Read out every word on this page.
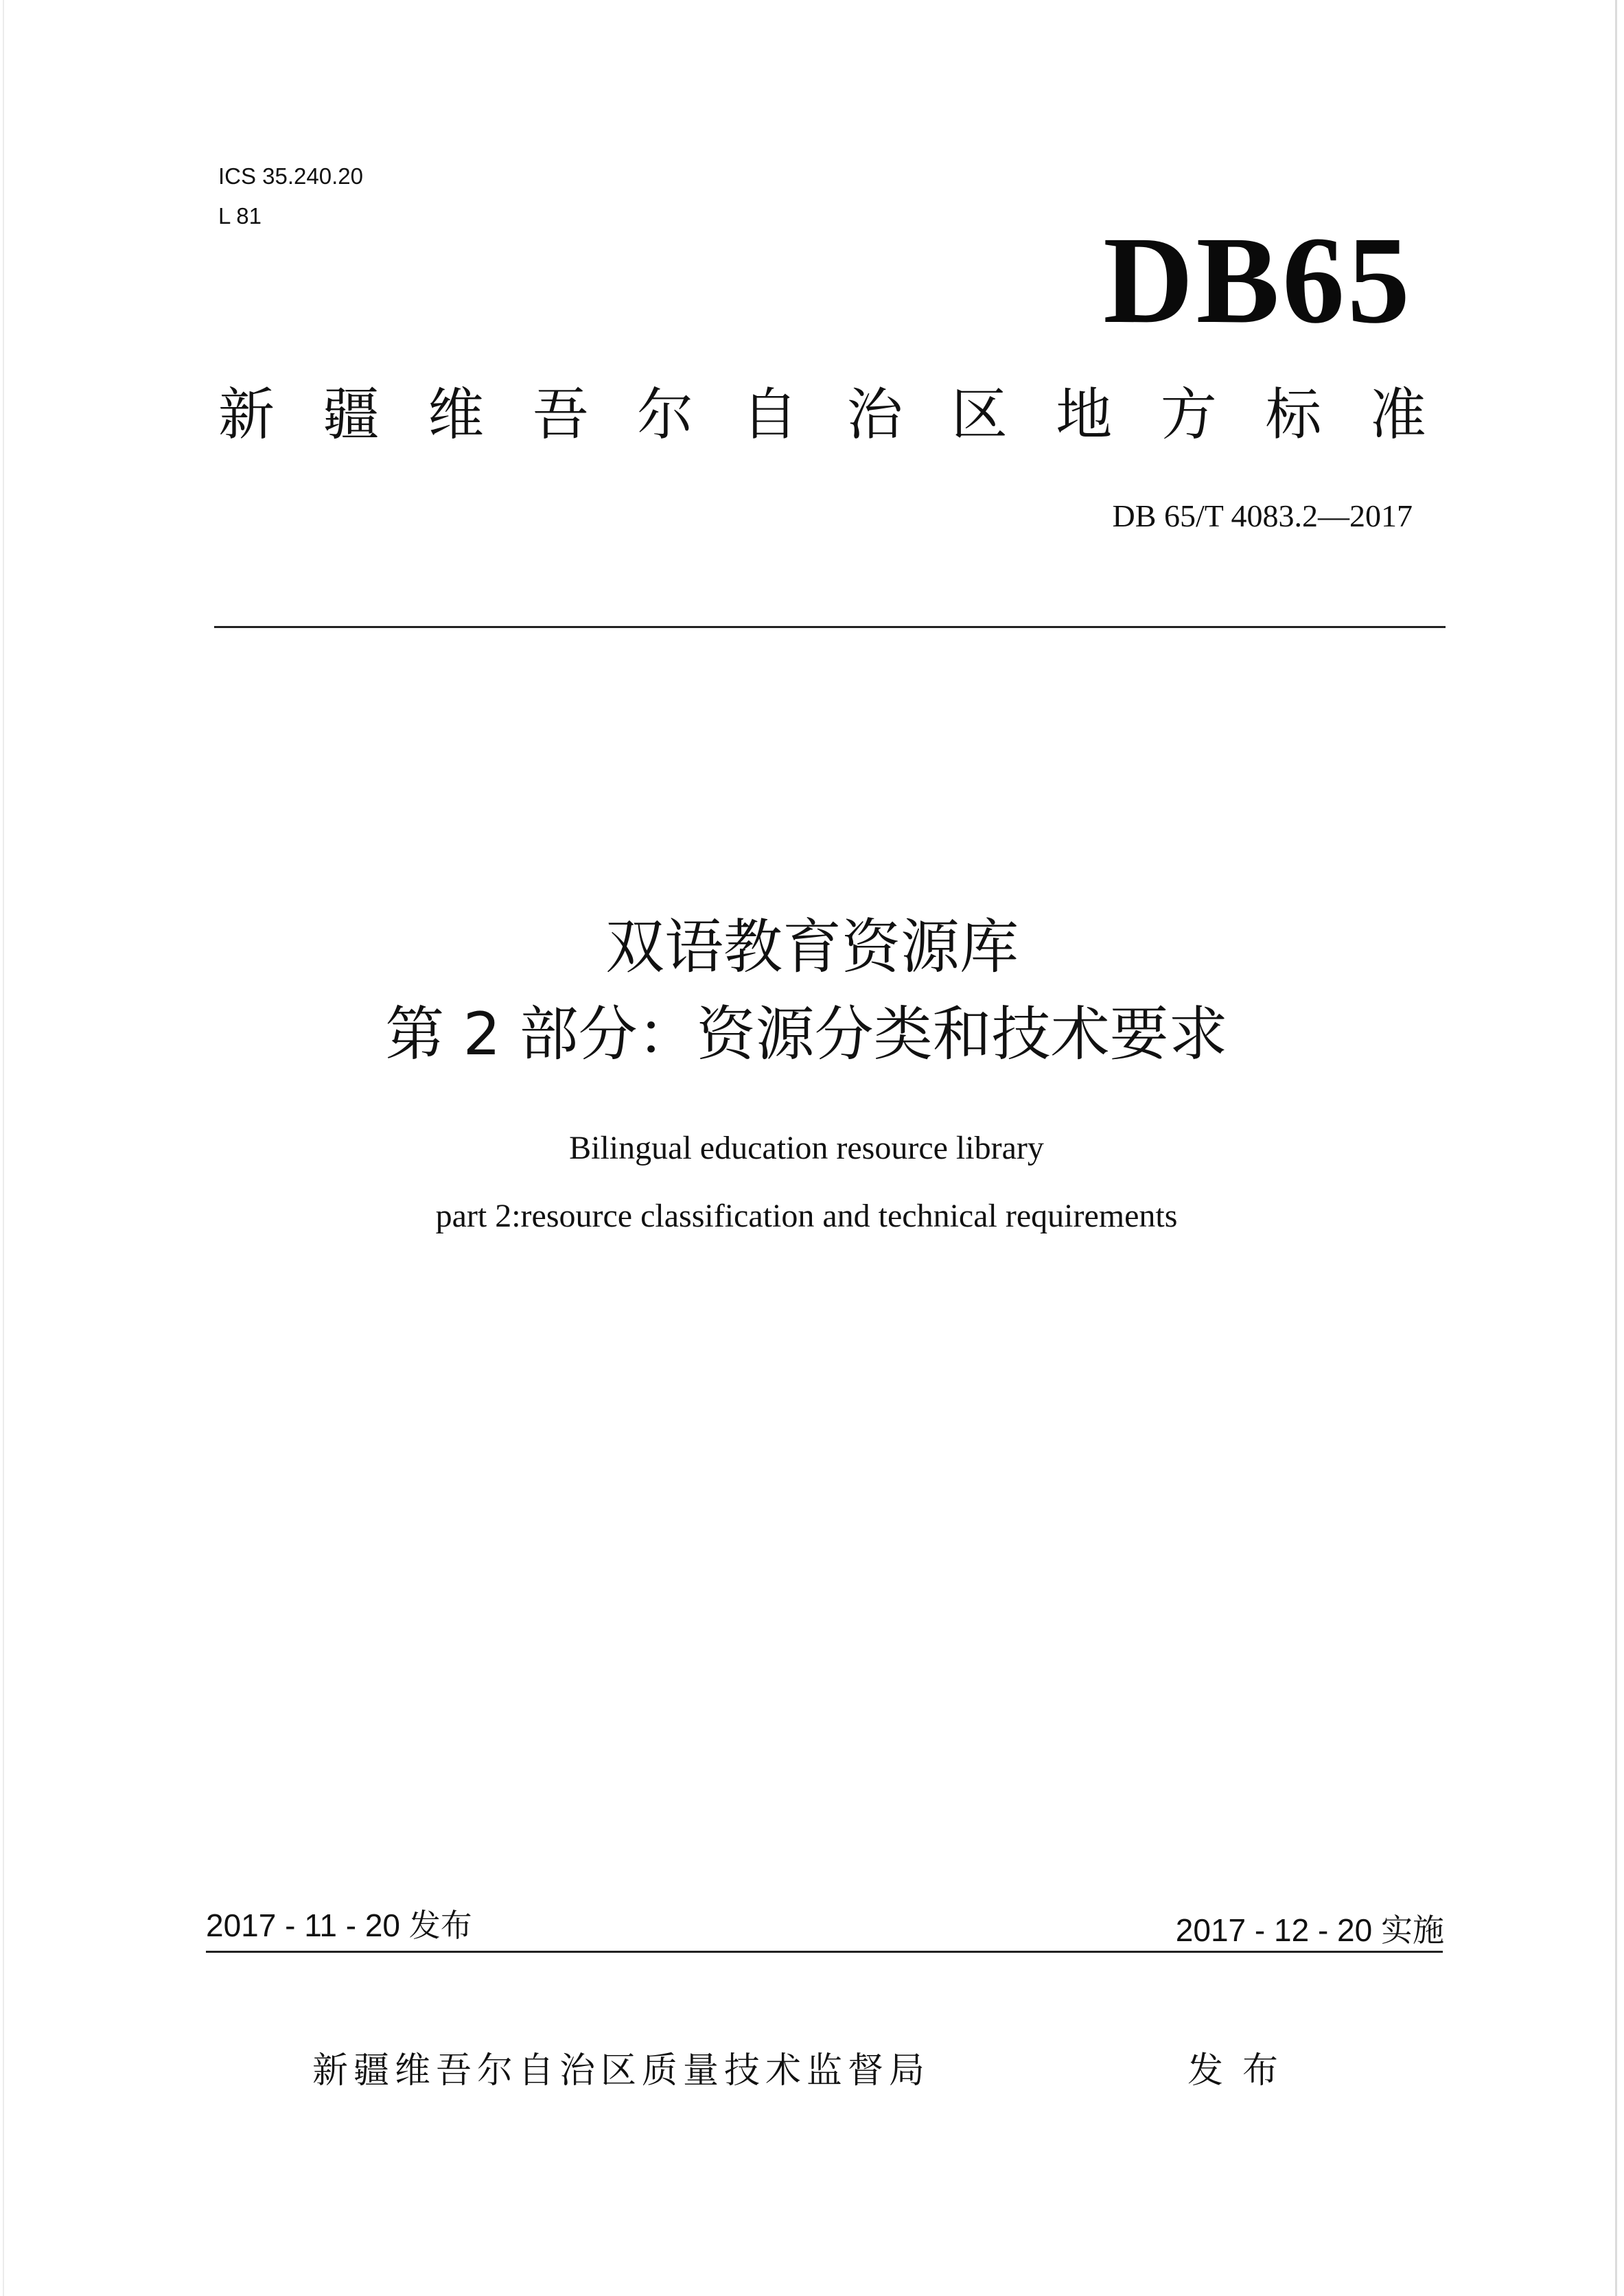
ICS 35.240.20
L 81	DB65
新 疆 维 吾 尔 自 治 区 地 方 标 准
DB 65/T 4083.2—2017
双语教育资源库
第 2 部分：资源分类和技术要求
Bilingual education resource library
part 2:resource classification and technical requirements
2017 - 11 - 20 发布	2017 - 12 - 20 实施
新疆维吾尔自治区质量技术监督局	发布
